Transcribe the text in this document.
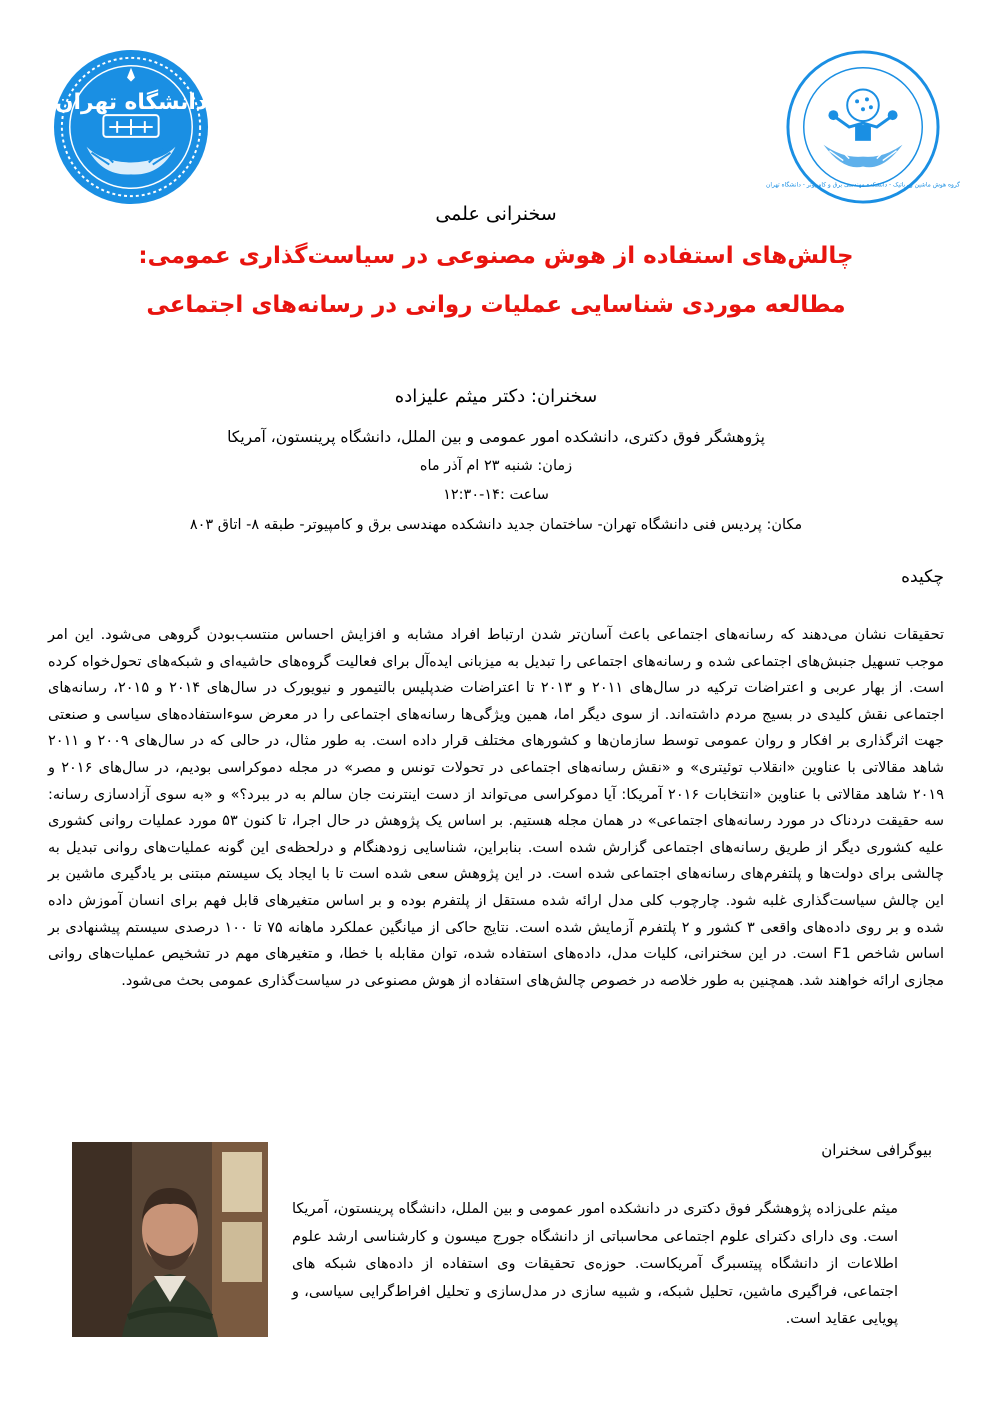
دانشگاه تهران
گروه هوش ماشین و رباتیک - دانشکده مهندسی برق و کامپیوتر - دانشگاه تهران
سخنرانی علمی
چالش‌های استفاده از هوش مصنوعی در سیاست‌گذاری عمومی:
مطالعه موردی شناسایی عملیات روانی در رسانه‌های اجتماعی
سخنران: دکتر میثم علیزاده
پژوهشگر فوق دکتری، دانشکده امور عمومی و بین الملل، دانشگاه پرینستون، آمریکا
زمان: شنبه ۲۳ ام آذر ماه
ساعت :۱۴-۱۲:۳۰
مکان: پردیس فنی دانشگاه تهران- ساختمان جدید دانشکده مهندسی برق و کامپیوتر- طبقه ۸- اتاق ۸۰۳
چکیده

تحقیقات نشان می‌دهند که رسانه‌های اجتماعی باعث آسان‌تر شدن ارتباط افراد مشابه و افزایش احساس منتسب‌بودن گروهی می‌شود. این امر موجب تسهیل جنبش‌های اجتماعی شده و رسانه‌های اجتماعی را تبدیل به میزبانی ایده‌آل برای فعالیت گروه‌های حاشیه‌ای و شبکه‌های تحول‌خواه کرده است. از بهار عربی و اعتراضات ترکیه در سال‌های ۲۰۱۱ و ۲۰۱۳ تا اعتراضات ضدپلیس بالتیمور و نیویورک در سال‌های ۲۰۱۴ و ۲۰۱۵، رسانه‌های اجتماعی نقش کلیدی در بسیج مردم داشته‌اند. از سوی دیگر اما، همین ویژگی‌ها رسانه‌های اجتماعی را در معرض سوءاستفاده‌های سیاسی و صنعتی جهت اثرگذاری بر افکار و روان عمومی توسط سازمان‌ها و کشورهای مختلف قرار داده است. به طور مثال، در حالی که در سال‌های ۲۰۰۹ و ۲۰۱۱ شاهد مقالاتی با عناوین «انقلاب توئیتری» و «نقش رسانه‌های اجتماعی در تحولات تونس و مصر» در مجله دموکراسی بودیم، در سال‌های ۲۰۱۶ و ۲۰۱۹ شاهد مقالاتی با عناوین «انتخابات ۲۰۱۶ آمریکا: آیا دموکراسی می‌تواند از دست اینترنت جان سالم به در ببرد؟» و «به سوی آزادسازی رسانه: سه حقیقت دردناک در مورد رسانه‌های اجتماعی» در همان مجله هستیم. بر اساس یک پژوهش در حال اجرا، تا کنون ۵۳ مورد عملیات روانی کشوری علیه کشوری دیگر از طریق رسانه‌های اجتماعی گزارش شده است. بنابراین، شناسایی زودهنگام و درلحظه‌ی این گونه عملیات‌های روانی تبدیل به چالشی برای دولت‌ها و پلتفرم‌های رسانه‌های اجتماعی شده است. در این پژوهش سعی شده است تا با ایجاد یک سیستم مبتنی بر یادگیری ماشین بر این چالش سیاست‌گذاری غلبه شود. چارچوب کلی مدل ارائه شده مستقل از پلتفرم بوده و بر اساس متغیرهای قابل فهم برای انسان آموزش داده شده و بر روی داده‌های واقعی ۳ کشور و ۲ پلتفرم آزمایش شده است. نتایج حاکی از میانگین عملکرد ماهانه ۷۵ تا ۱۰۰ درصدی سیستم پیشنهادی بر اساس شاخص F1 است. در این سخنرانی، کلیات مدل، داده‌های استفاده شده، توان مقابله با خطا، و متغیرهای مهم در تشخیص عملیات‌های روانی مجازی ارائه خواهند شد. همچنین به طور خلاصه در خصوص چالش‌های استفاده از هوش مصنوعی در سیاست‌گذاری عمومی بحث می‌شود.

بیوگرافی سخنران

میثم علی‌زاده پژوهشگر فوق دکتری در دانشکده امور عمومی و بین الملل، دانشگاه پرینستون، آمریکا است. وی دارای دکترای علوم اجتماعی محاسباتی از دانشگاه جورج میسون و کارشناسی ارشد علوم اطلاعات از دانشگاه پیتسبرگ آمریکاست. حوزه‌ی تحقیقات وی استفاده از داده‌های شبکه های اجتماعی، فراگیری ماشین، تحلیل شبکه، و شبیه سازی در مدل‌سازی و تحلیل افراط‌گرایی سیاسی، و پویایی عقاید است.
